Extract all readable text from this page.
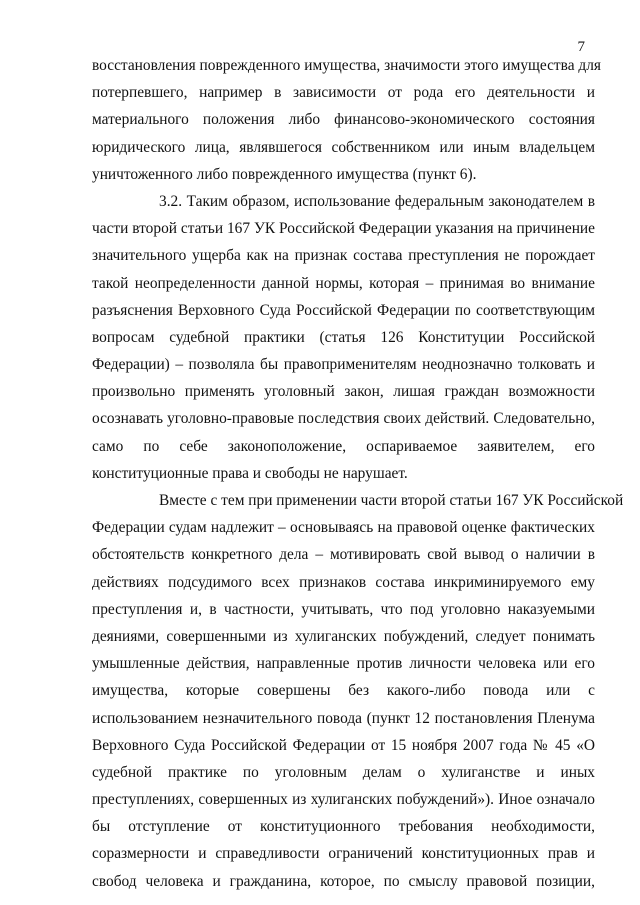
7
восстановления поврежденного имущества, значимости этого имущества для
потерпевшего, например в зависимости от рода его деятельности и
материального положения либо финансово-экономического состояния
юридического лица, являвшегося собственником или иным владельцем
уничтоженного либо поврежденного имущества (пункт 6).
3.2. Таким образом, использование федеральным законодателем в
части второй статьи 167 УК Российской Федерации указания на причинение
значительного ущерба как на признак состава преступления не порождает
такой неопределенности данной нормы, которая – принимая во внимание
разъяснения Верховного Суда Российской Федерации по соответствующим
вопросам судебной практики (статья 126 Конституции Российской
Федерации) – позволяла бы правоприменителям неоднозначно толковать и
произвольно применять уголовный закон, лишая граждан возможности
осознавать уголовно-правовые последствия своих действий. Следовательно,
само по себе законоположение, оспариваемое заявителем, его
конституционные права и свободы не нарушает.
Вместе с тем при применении части второй статьи 167 УК Российской
Федерации судам надлежит – основываясь на правовой оценке фактических
обстоятельств конкретного дела – мотивировать свой вывод о наличии в
действиях подсудимого всех признаков состава инкриминируемого ему
преступления и, в частности, учитывать, что под уголовно наказуемыми
деяниями, совершенными из хулиганских побуждений, следует понимать
умышленные действия, направленные против личности человека или его
имущества, которые совершены без какого-либо повода или с
использованием незначительного повода (пункт 12 постановления Пленума
Верховного Суда Российской Федерации от 15 ноября 2007 года № 45 «О
судебной практике по уголовным делам о хулиганстве и иных
преступлениях, совершенных из хулиганских побуждений»). Иное означало
бы отступление от конституционного требования необходимости,
соразмерности и справедливости ограничений конституционных прав и
свобод человека и гражданина, которое, по смыслу правовой позиции,
